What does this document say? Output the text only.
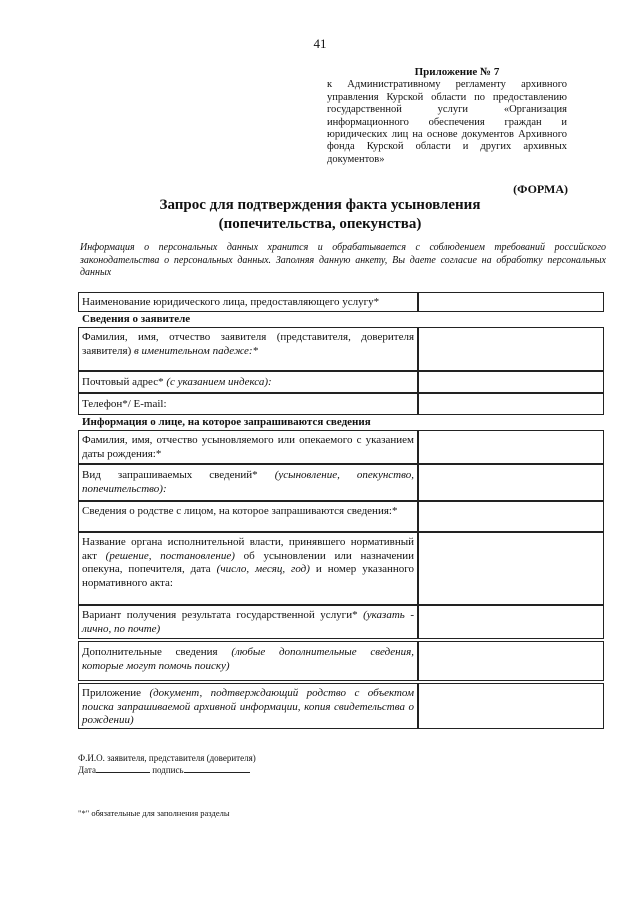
41
Приложение № 7
к Административному регламенту архивного управления Курской области по предоставлению государственной услуги «Организация информационного обеспечения граждан и юридических лиц на основе документов Архивного фонда Курской области и других архивных документов»
(ФОРМА)
Запрос для подтверждения факта усыновления
(попечительства, опекунства)
Информация о персональных данных хранится и обрабатывается с соблюдением требований российского законодательства о персональных данных. Заполняя данную анкету, Вы даете согласие на обработку персональных данных
Наименование юридического лица, предоставляющего услугу*
Сведения о заявителе
Фамилия, имя, отчество заявителя (представителя, доверителя заявителя) в именительном падеже:*
Почтовый адрес* (с указанием индекса):
Телефон*/ E-mail:
Информация о лице, на которое запрашиваются сведения
Фамилия, имя, отчество усыновляемого или опекаемого с указанием даты рождения:*
Вид запрашиваемых сведений* (усыновление, опекунство, попечительство):
Сведения о родстве с лицом, на которое запрашиваются сведения:*
Название органа исполнительной власти, принявшего нормативный акт (решение, постановление) об усыновлении или назначении опекуна, попечителя, дата (число, месяц, год) и номер указанного нормативного акта:
Вариант получения результата государственной услуги* (указать - лично, по почте)
Дополнительные сведения (любые дополнительные сведения, которые могут помочь поиску)
Приложение (документ, подтверждающий родство с объектом поиска запрашиваемой архивной информации, копия свидетельства о рождении)
Ф.И.О. заявителя, представителя (доверителя)
Дата	подпись
"*" обязательные для заполнения разделы
